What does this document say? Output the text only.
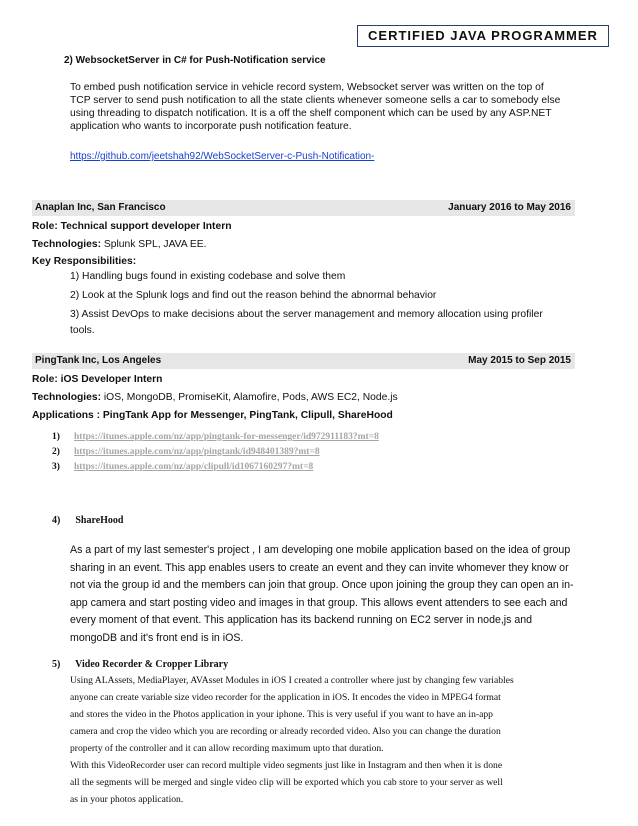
CERTIFIED JAVA PROGRAMMER
2) WebsocketServer in C# for Push-Notification service
To embed push notification service in vehicle record system, Websocket server was written on the top of
TCP server to send push notification to all the state clients whenever someone sells a car to somebody else
using threading to dispatch notification. It is a off the shelf component which can be used by any ASP.NET
application who wants to incorporate push notification feature.
https://github.com/jeetshah92/WebSocketServer-c-Push-Notification-
Anaplan Inc, San Francisco	January 2016 to May 2016
Role: Technical support developer Intern
Technologies: Splunk SPL, JAVA EE.
Key Responsibilities:
1) Handling bugs found in existing codebase and solve them
2) Look at the Splunk logs and find out the reason behind the abnormal behavior
3) Assist DevOps to make decisions about the server management and memory allocation using profiler
tools.
PingTank Inc, Los Angeles	May 2015 to Sep 2015
Role: iOS Developer Intern
Technologies: iOS, MongoDB, PromiseKit, Alamofire, Pods, AWS EC2, Node.js
Applications : PingTank App for Messenger, PingTank, Clipull, ShareHood
1) https://itunes.apple.com/nz/app/pingtank-for-messenger/id972911183?mt=8
2) https://itunes.apple.com/nz/app/pingtank/id948401389?mt=8
3) https://itunes.apple.com/nz/app/clipull/id1067160297?mt=8
4)      ShareHood
As a part of my last semester's project , I am developing one mobile application based on the idea of group
sharing in an event. This app enables users to create an event and they can invite whomever they know or
not via the group id and the members can join that group. Once upon joining the group they can open an in-
app camera and start posting video and images in that group. This allows event attenders to see each and
every moment of that event. This application has its backend running on EC2 server in node,js and
mongoDB and it's front end is in iOS.
5)      Video Recorder & Cropper Library
Using ALAssets, MediaPlayer, AVAsset Modules in iOS I created a controller where just by changing few variables
anyone can create variable size video recorder for the application in iOS. It encodes the video in MPEG4 format
and stores the video in the Photos application in your iphone. This is very useful if you want to have an in-app
camera and crop the video which you are recording or already recorded video. Also you can change the duration
property of the controller and it can allow recording maximum upto that duration.
With this VideoRecorder user can record multiple video segments just like in Instagram and then when it is done
all the segments will be merged and single video clip will be exported which you cab store to your server as well
as in your photos application.
